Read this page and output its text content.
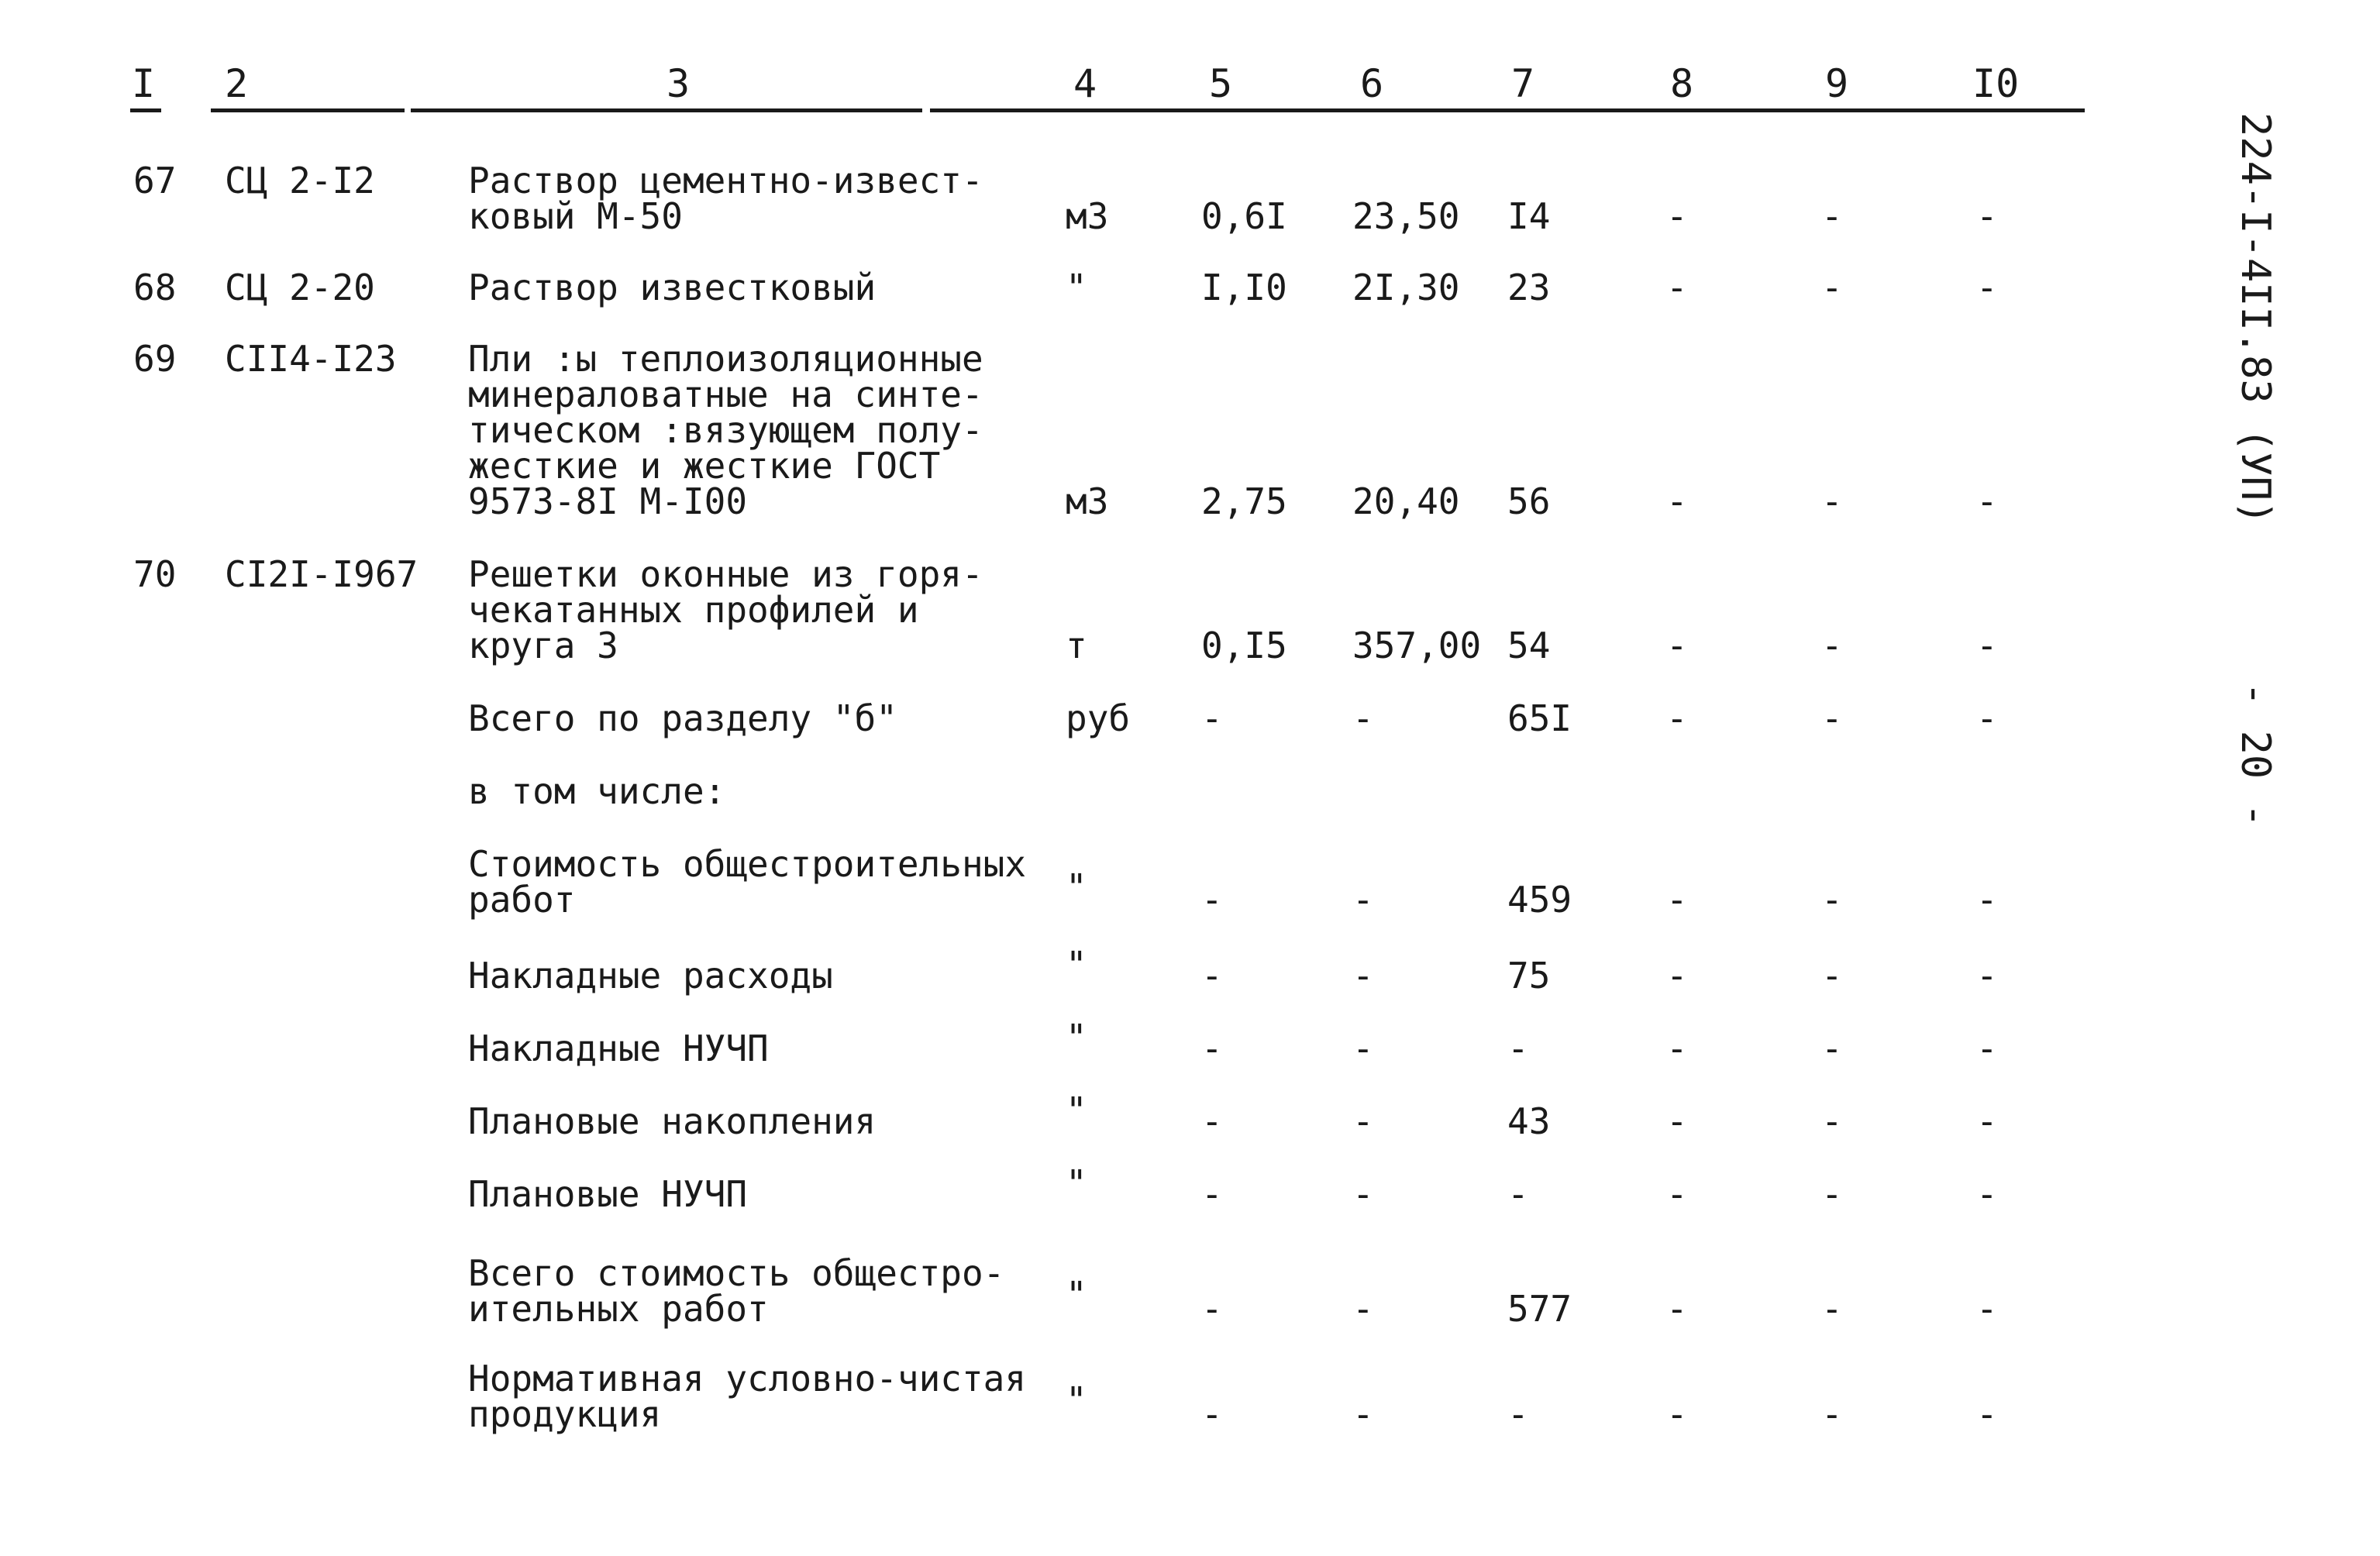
I 2	3	4	5	6	7	8	9	I0
67 СЦ 2-I2	Раствор цементно-извест-
ковый М-50	м3	0,6I 23,50 I4	-	-	-
68 СЦ 2-20	Раствор известковый	"	I,I0 2I,30 23	-	-	-
69 СII4-I23 Пли :ы теплоизоляционные
минераловатные на синте-
тическом :вязующем полу-
жесткие и жесткие ГОСТ
9573-8I М-I00	м3	2,75 20,40 56	-	-	-
70 СI2I-I967 Решетки оконные из горя-
чекатанных профилей и
круга 3	т	0,I5 357,00 54	-	-	-
Всего по разделу "б"	руб -	-	65I	-	-	-
в том числе:
Стоимость общестроительных
работ	"	-	-	459	-	-	-
Накладные расходы	"	-	-	75	-	-	-
Накладные НУЧП	"	-	-	-	-	-	-
Плановые накопления	"	-	-	43	-	-	-
Плановые НУЧП	"	-	-	-	-	-	-
Всего стоимость общестро-
ительных работ	"	-	-	577	-	-	-
Нормативная условно-чистая
продукция	"	-	-	-	-	-	-
224-I-4II.83 (УП)
- 20 -
